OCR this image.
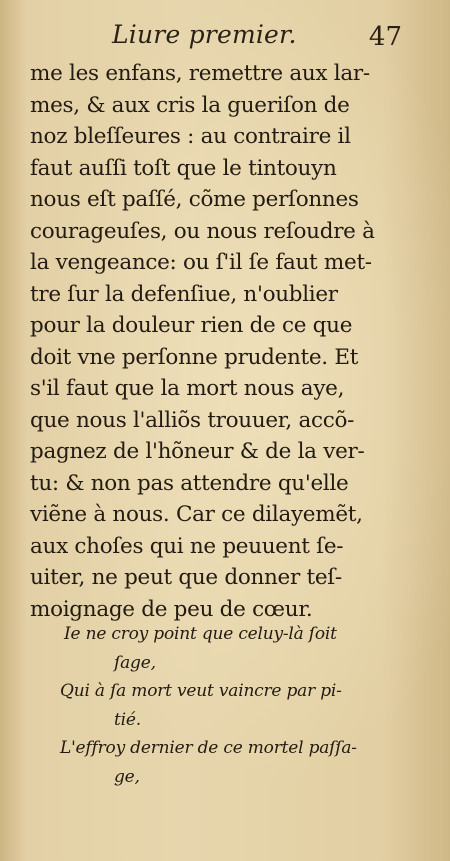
Liure premier.	47
me les enfans, remettre aux lar-
mes, & aux cris la gueriſon de
noz bleſſeures : au contraire il
faut auſſi toſt que le tintouyn
nous eſt paſſé, cõme perſonnes
courageuſes, ou nous reſoudre à
la vengeance: ou ſ'il ſe faut met-
tre ſur la defenſiue, n'oublier
pour la douleur rien de ce que
doit vne perſonne prudente. Et
s'il faut que la mort nous aye,
que nous l'alliõs trouuer, accõ-
pagnez de l'hõneur & de la ver-
tu: & non pas attendre qu'elle
viẽne à nous. Car ce dilayemẽt,
aux choſes qui ne peuuent ſe-
uiter, ne peut que donner teſ-
moignage de peu de cœur.
Ie ne croy point que celuy-là ſoit
ſage,
Qui à ſa mort veut vaincre par pi-
tié.
L'effroy dernier de ce mortel paſſa-
ge,
